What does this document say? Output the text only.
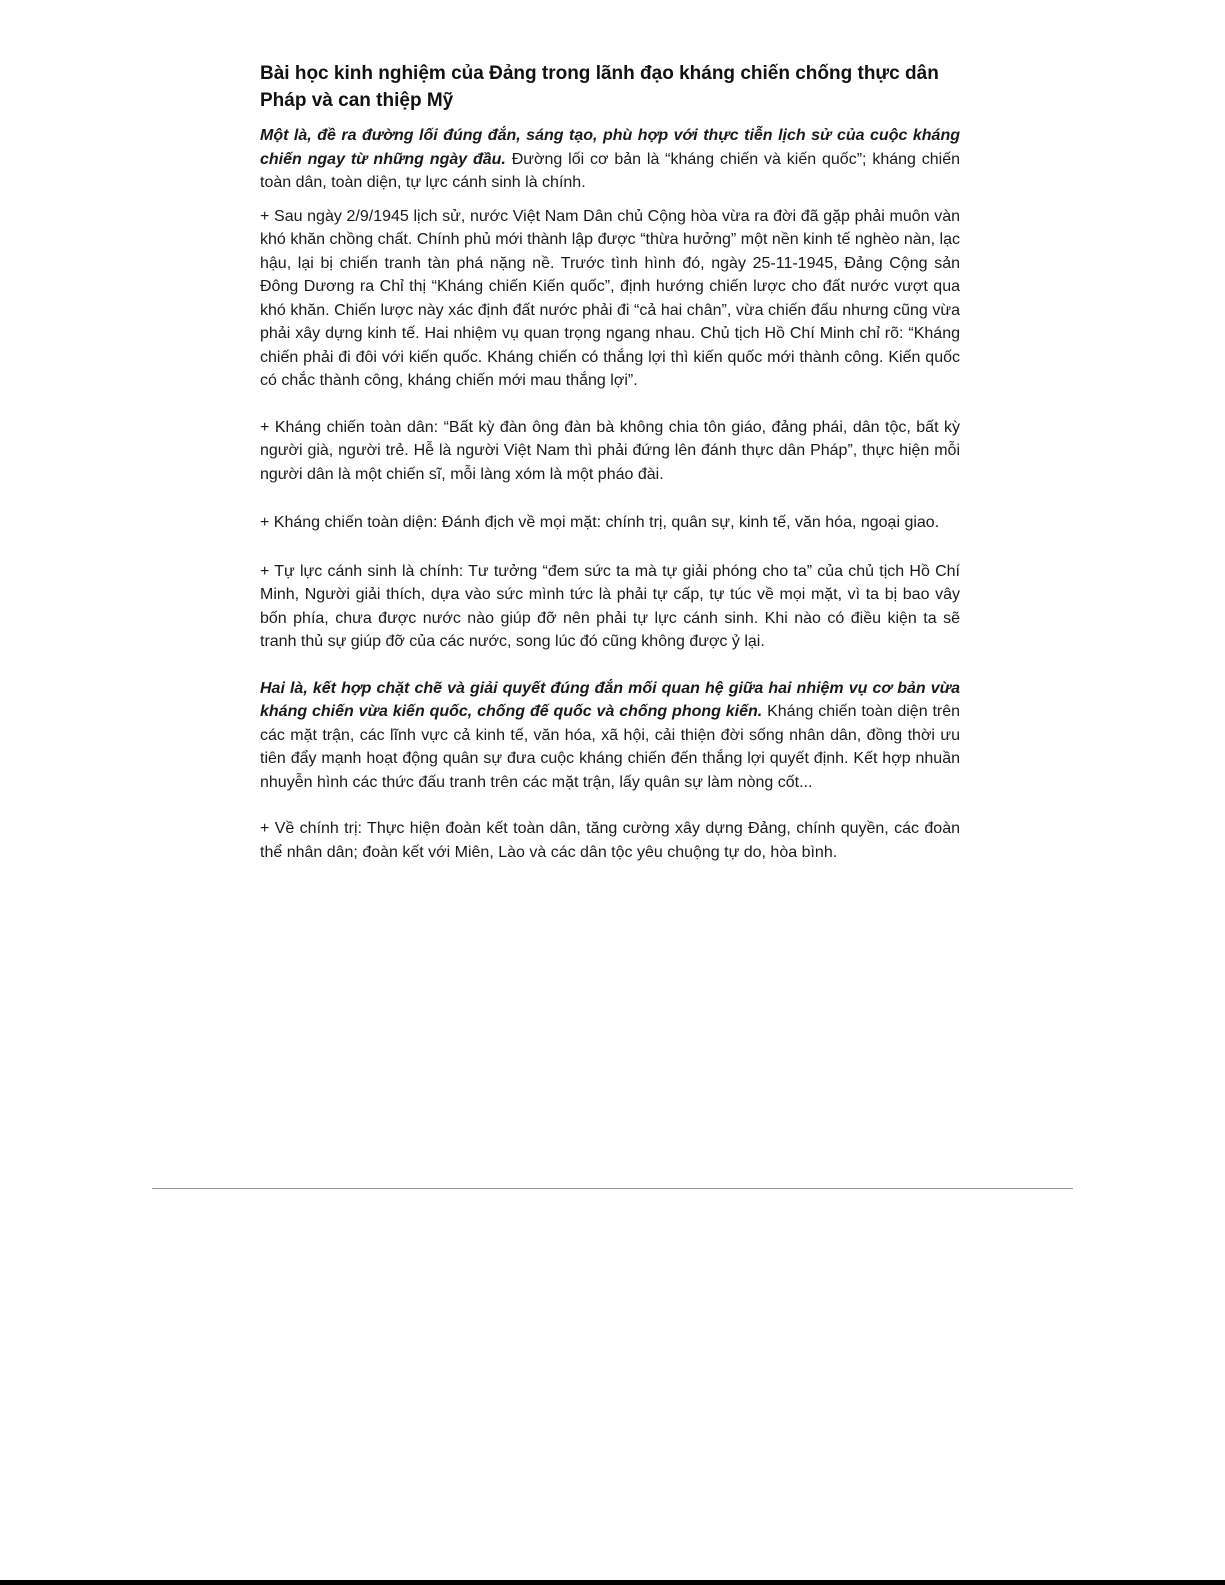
Bài học kinh nghiệm của Đảng trong lãnh đạo kháng chiến chống thực dân Pháp và can thiệp Mỹ

Một là, đề ra đường lối đúng đắn, sáng tạo, phù hợp với thực tiễn lịch sử của cuộc kháng chiến ngay từ những ngày đầu. Đường lối cơ bản là “kháng chiến và kiến quốc”; kháng chiến toàn dân, toàn diện, tự lực cánh sinh là chính.

+ Sau ngày 2/9/1945 lịch sử, nước Việt Nam Dân chủ Cộng hòa vừa ra đời đã gặp phải muôn vàn khó khăn chồng chất. Chính phủ mới thành lập được “thừa hưởng” một nền kinh tế nghèo nàn, lạc hậu, lại bị chiến tranh tàn phá nặng nề. Trước tình hình đó, ngày 25-11-1945, Đảng Cộng sản Đông Dương ra Chỉ thị “Kháng chiến Kiến quốc”, định hướng chiến lược cho đất nước vượt qua khó khăn. Chiến lược này xác định đất nước phải đi “cả hai chân”, vừa chiến đấu nhưng cũng vừa phải xây dựng kinh tế. Hai nhiệm vụ quan trọng ngang nhau. Chủ tịch Hồ Chí Minh chỉ rõ: “Kháng chiến phải đi đôi với kiến quốc. Kháng chiến có thắng lợi thì kiến quốc mới thành công. Kiến quốc có chắc thành công, kháng chiến mới mau thắng lợi”.

+ Kháng chiến toàn dân: “Bất kỳ đàn ông đàn bà không chia tôn giáo, đảng phái, dân tộc, bất kỳ người già, người trẻ. Hễ là người Việt Nam thì phải đứng lên đánh thực dân Pháp”, thực hiện mỗi người dân là một chiến sĩ, mỗi làng xóm là một pháo đài.

+ Kháng chiến toàn diện: Đánh địch về mọi mặt: chính trị, quân sự, kinh tế, văn hóa, ngoại giao.

+ Tự lực cánh sinh là chính: Tư tưởng “đem sức ta mà tự giải phóng cho ta” của chủ tịch Hồ Chí Minh, Người giải thích, dựa vào sức mình tức là phải tự cấp, tự túc về mọi mặt, vì ta bị bao vây bốn phía, chưa được nước nào giúp đỡ nên phải tự lực cánh sinh. Khi nào có điều kiện ta sẽ tranh thủ sự giúp đỡ của các nước, song lúc đó cũng không được ỷ lại.

Hai là, kết hợp chặt chẽ và giải quyết đúng đắn mối quan hệ giữa hai nhiệm vụ cơ bản vừa kháng chiến vừa kiến quốc, chống đế quốc và chống phong kiến. Kháng chiến toàn diện trên các mặt trận, các lĩnh vực cả kinh tế, văn hóa, xã hội, cải thiện đời sống nhân dân, đồng thời ưu tiên đẩy mạnh hoạt động quân sự đưa cuộc kháng chiến đến thắng lợi quyết định. Kết hợp nhuần nhuyễn hình các thức đấu tranh trên các mặt trận, lấy quân sự làm nòng cốt...

+ Về chính trị: Thực hiện đoàn kết toàn dân, tăng cường xây dựng Đảng, chính quyền, các đoàn thể nhân dân; đoàn kết với Miên, Lào và các dân tộc yêu chuộng tự do, hòa bình.
